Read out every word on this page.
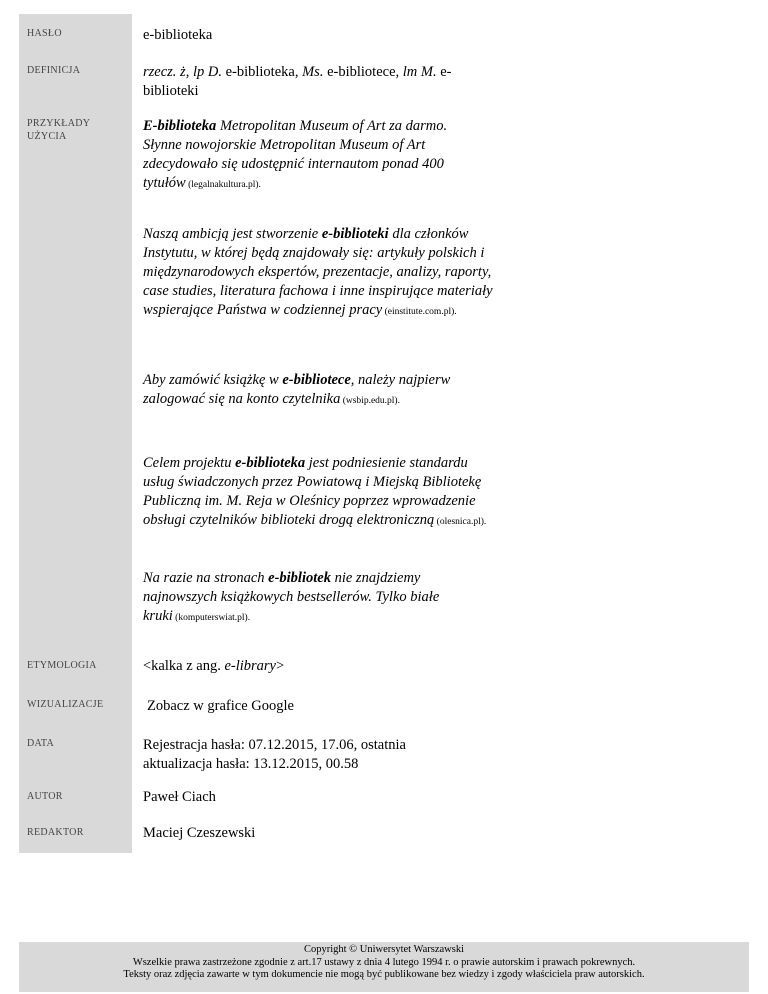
HASŁO
DEFINICJA
PRZYKŁADY
UŻYCIA
ETYMOLOGIA
WIZUALIZACJE
DATA
AUTOR
REDAKTOR
e-biblioteka
rzecz. ż, lp D. e-biblioteka, Ms. e-bibliotece, lm M. e-biblioteki
E-biblioteka Metropolitan Museum of Art za darmo. Słynne nowojorskie Metropolitan Museum of Art zdecydowało się udostępnić internautom ponad 400 tytułów (legalnakultura.pl).
Naszą ambicją jest stworzenie e-biblioteki dla członków Instytutu, w której będą znajdowały się: artykuły polskich i międzynarodowych ekspertów, prezentacje, analizy, raporty, case studies, literatura fachowa i inne inspirujące materiały wspierające Państwa w codziennej pracy (einstitute.com.pl).
Aby zamówić książkę w e-bibliotece, należy najpierw zalogować się na konto czytelnika (wsbip.edu.pl).
Celem projektu e-biblioteka jest podniesienie standardu usług świadczonych przez Powiatową i Miejską Bibliotekę Publiczną im. M. Reja w Oleśnicy poprzez wprowadzenie obsługi czytelników biblioteki drogą elektroniczną (olesnica.pl).
Na razie na stronach e-bibliotek nie znajdziemy najnowszych książkowych bestsellerów. Tylko białe kruki (komputerswiat.pl).
<kalka z ang. e-library>
Zobacz w grafice Google
Rejestracja hasła: 07.12.2015, 17.06, ostatnia
aktualizacja hasła: 13.12.2015, 00.58
Paweł Ciach
Maciej Czeszewski
Copyright © Uniwersytet Warszawski
Wszelkie prawa zastrzeżone zgodnie z art.17 ustawy z dnia 4 lutego 1994 r. o prawie autorskim i prawach pokrewnych.
Teksty oraz zdjęcia zawarte w tym dokumencie nie mogą być publikowane bez wiedzy i zgody właściciela praw autorskich.
